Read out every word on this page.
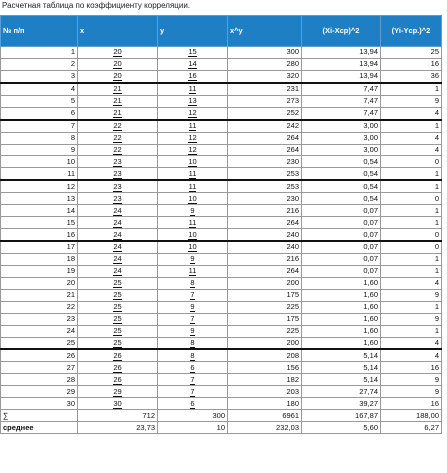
Расчетная таблица по коэффициенту корреляции.
№ п/п	x	y	x^y	(Xi-Xcp)^2	(Yi-Ycp.)^2
1	20	15	300	13,94	25
2	20	14	280	13,94	16
3	20	16	320	13,94	36
4	21	11	231	7,47	1
5	21	13	273	7,47	9
6	21	12	252	7,47	4
7	22	11	242	3,00	1
8	22	12	264	3,00	4
9	22	12	264	3,00	4
10	23	10	230	0,54	0
11	23	11	253	0,54	1
12	23	11	253	0,54	1
13	23	10	230	0,54	0
14	24	9	216	0,07	1
15	24	11	264	0,07	1
16	24	10	240	0,07	0
17	24	10	240	0,07	0
18	24	9	216	0,07	1
19	24	11	264	0,07	1
20	25	8	200	1,60	4
21	25	7	175	1,60	9
22	25	9	225	1,60	1
23	25	7	175	1,60	9
24	25	9	225	1,60	1
25	25	8	200	1,60	4
26	26	8	208	5,14	4
27	26	6	156	5,14	16
28	26	7	182	5,14	9
29	29	7	203	27,74	9
30	30	6	180	39,27	16
∑	712	300	6961	167,87	188,00
среднее	23,73	10	232,03	5,60	6,27
